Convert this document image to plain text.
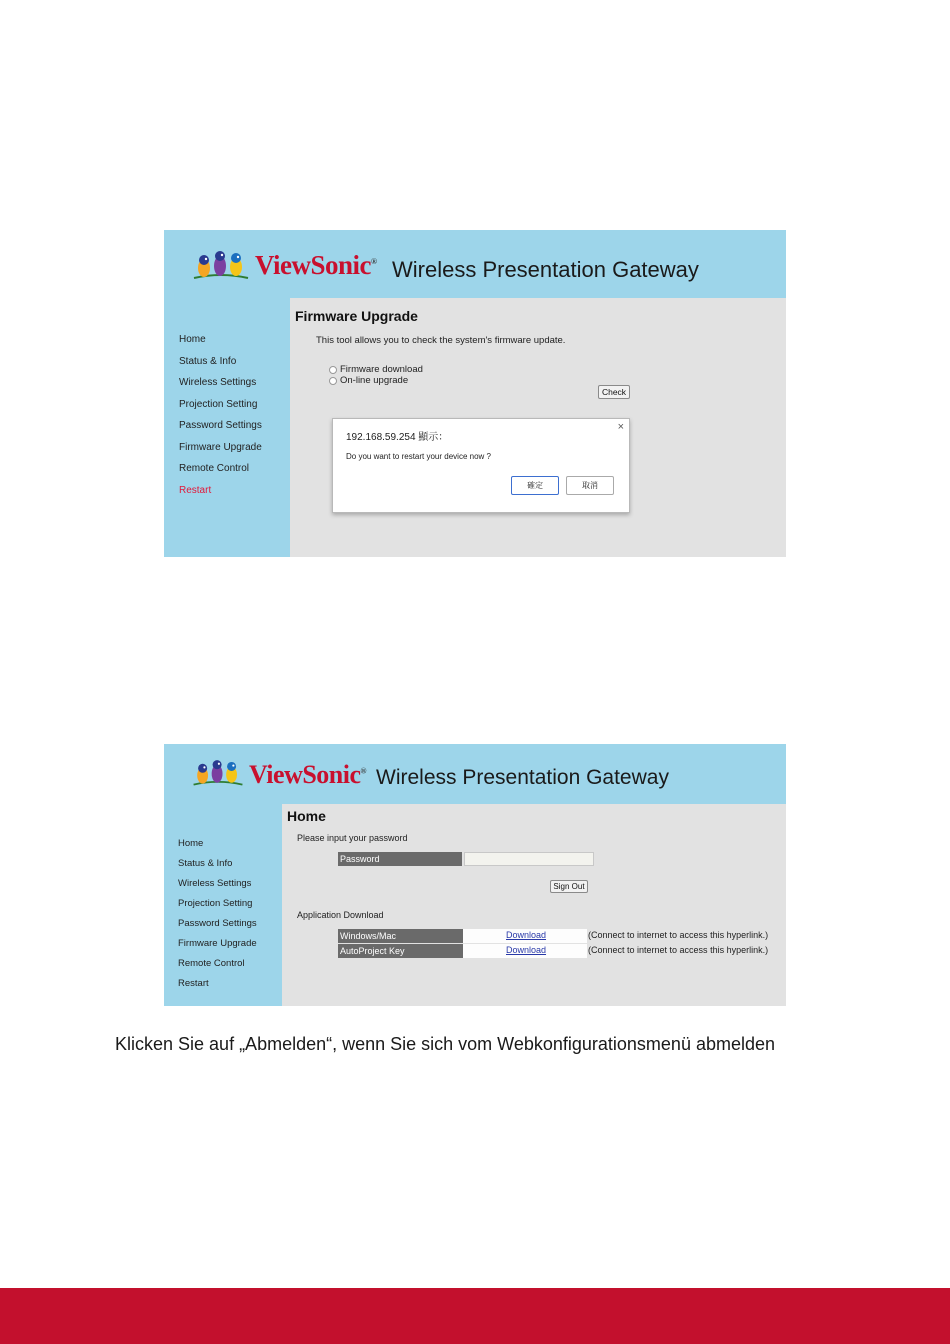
ViewSonic® Wireless Presentation Gateway
Home
Status & Info
Wireless Settings
Projection Setting
Password Settings
Firmware Upgrade
Remote Control
Restart
Firmware Upgrade
This tool allows you to check the system's firmware update.
Firmware download
On-line upgrade
Check
192.168.59.254 顯示：
×
Do you want to restart your device now ?
確定	取消
ViewSonic® Wireless Presentation Gateway
Home
Status & Info
Wireless Settings
Projection Setting
Password Settings
Firmware Upgrade
Remote Control
Restart
Home
Please input your password
Password
Sign Out
Application Download
Windows/Mac	Download	(Connect to internet to access this hyperlink.)
AutoProject Key	Download	(Connect to internet to access this hyperlink.)
Klicken Sie auf „Abmelden“, wenn Sie sich vom Webkonfigurationsmenü abmelden
